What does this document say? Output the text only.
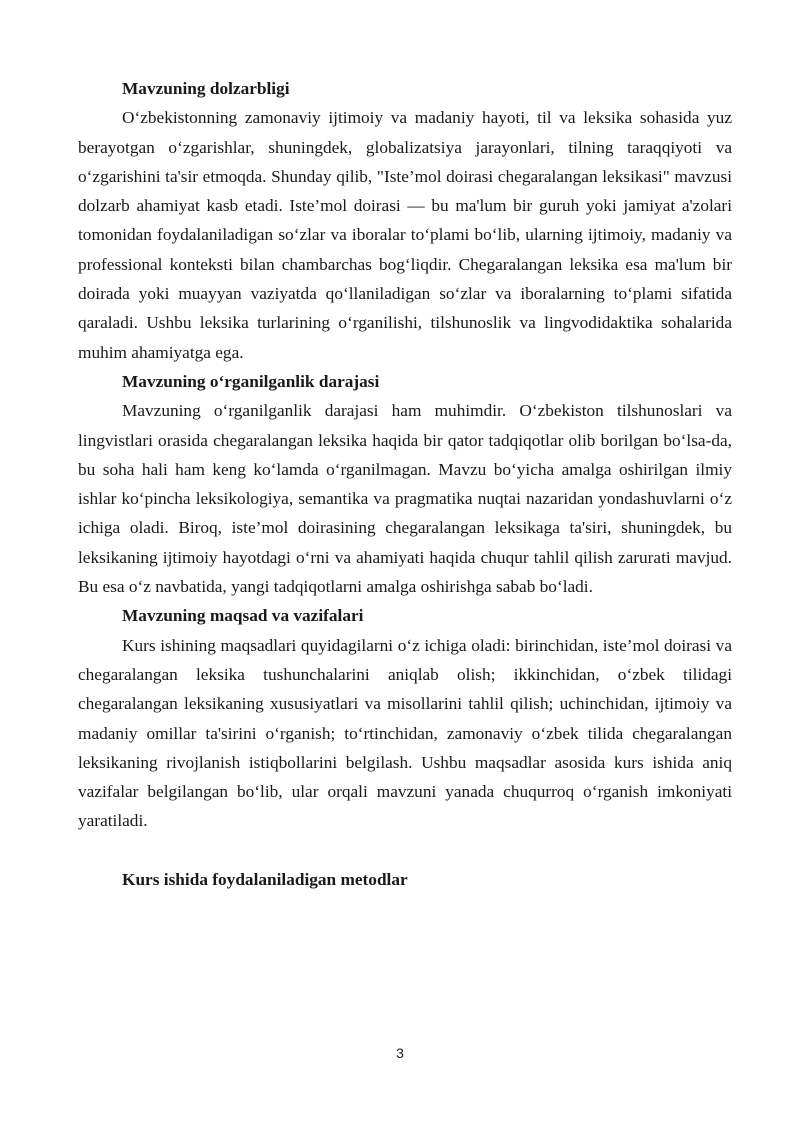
Mavzuning dolzarbligi

O‘zbekistonning zamonaviy ijtimoiy va madaniy hayoti, til va leksika sohasida yuz berayotgan o‘zgarishlar, shuningdek, globalizatsiya jarayonlari, tilning taraqqiyoti va o‘zgarishini ta'sir etmoqda. Shunday qilib, "Iste’mol doirasi chegaralangan leksikasi" mavzusi dolzarb ahamiyat kasb etadi. Iste’mol doirasi — bu ma'lum bir guruh yoki jamiyat a'zolari tomonidan foydalaniladigan so‘zlar va iboralar to‘plami bo‘lib, ularning ijtimoiy, madaniy va professional konteksti bilan chambarchas bog‘liqdir. Chegaralangan leksika esa ma'lum bir doirada yoki muayyan vaziyatda qo‘llaniladigan so‘zlar va iboralarning to‘plami sifatida qaraladi. Ushbu leksika turlarining o‘rganilishi, tilshunoslik va lingvodidaktika sohalarida muhim ahamiyatga ega.

Mavzuning o‘rganilganlik darajasi

Mavzuning o‘rganilganlik darajasi ham muhimdir. O‘zbekiston tilshunoslari va lingvistlari orasida chegaralangan leksika haqida bir qator tadqiqotlar olib borilgan bo‘lsa-da, bu soha hali ham keng ko‘lamda o‘rganilmagan. Mavzu bo‘yicha amalga oshirilgan ilmiy ishlar ko‘pincha leksikologiya, semantika va pragmatika nuqtai nazaridan yondashuvlarni o‘z ichiga oladi. Biroq, iste’mol doirasining chegaralangan leksikaga ta'siri, shuningdek, bu leksikaning ijtimoiy hayotdagi o‘rni va ahamiyati haqida chuqur tahlil qilish zarurati mavjud. Bu esa o‘z navbatida, yangi tadqiqotlarni amalga oshirishga sabab bo‘ladi.

Mavzuning maqsad va vazifalari

Kurs ishining maqsadlari quyidagilarni o‘z ichiga oladi: birinchidan, iste’mol doirasi va chegaralangan leksika tushunchalarini aniqlab olish; ikkinchidan, o‘zbek tilidagi chegaralangan leksikaning xususiyatlari va misollarini tahlil qilish; uchinchidan, ijtimoiy va madaniy omillar ta'sirini o‘rganish; to‘rtinchidan, zamonaviy o‘zbek tilida chegaralangan leksikaning rivojlanish istiqbollarini belgilash. Ushbu maqsadlar asosida kurs ishida aniq vazifalar belgilangan bo‘lib, ular orqali mavzuni yanada chuqurroq o‘rganish imkoniyati yaratiladi.

Kurs ishida foydalaniladigan metodlar

3
